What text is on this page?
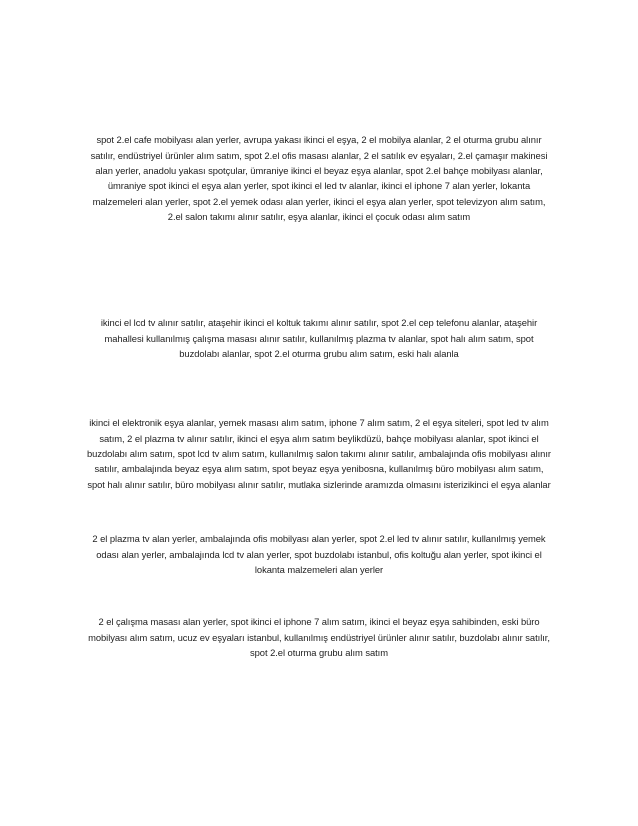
spot 2.el cafe mobilyası alan yerler, avrupa yakası ikinci el eşya, 2 el mobilya alanlar, 2 el oturma grubu alınır satılır, endüstriyel ürünler alım satım, spot 2.el ofis masası alanlar, 2 el satılık ev eşyaları, 2.el çamaşır makinesi alan yerler, anadolu yakası spotçular, ümraniye ikinci el beyaz eşya alanlar, spot 2.el bahçe mobilyası alanlar, ümraniye spot ikinci el eşya alan yerler, spot ikinci el led tv alanlar, ikinci el iphone 7 alan yerler, lokanta malzemeleri alan yerler, spot 2.el yemek odası alan yerler, ikinci el eşya alan yerler, spot televizyon alım satım, 2.el salon takımı alınır satılır, eşya alanlar, ikinci el çocuk odası alım satım

ikinci el lcd tv alınır satılır, ataşehir ikinci el koltuk takımı alınır satılır, spot 2.el cep telefonu alanlar, ataşehir mahallesi kullanılmış çalışma masası alınır satılır, kullanılmış plazma tv alanlar, spot halı alım satım, spot buzdolabı alanlar, spot 2.el oturma grubu alım satım, eski halı alanla

ikinci el elektronik eşya alanlar, yemek masası alım satım, iphone 7 alım satım, 2 el eşya siteleri, spot led tv alım satım, 2 el plazma tv alınır satılır, ikinci el eşya alım satım beylikdüzü, bahçe mobilyası alanlar, spot ikinci el buzdolabı alım satım, spot lcd tv alım satım, kullanılmış salon takımı alınır satılır, ambalajında ofis mobilyası alınır satılır, ambalajında beyaz eşya alım satım, spot beyaz eşya yenibosna, kullanılmış büro mobilyası alım satım, spot halı alınır satılır, büro mobilyası alınır satılır, mutlaka sizlerinde aramızda olmasını isterizikinci el eşya alanlar

2 el plazma tv alan yerler, ambalajında ofis mobilyası alan yerler, spot 2.el led tv alınır satılır, kullanılmış yemek odası alan yerler, ambalajında lcd tv alan yerler, spot buzdolabı istanbul, ofis koltuğu alan yerler, spot ikinci el lokanta malzemeleri alan yerler

2 el çalışma masası alan yerler, spot ikinci el iphone 7 alım satım, ikinci el beyaz eşya sahibinden, eski büro mobilyası alım satım, ucuz ev eşyaları istanbul, kullanılmış endüstriyel ürünler alınır satılır, buzdolabı alınır satılır, spot 2.el oturma grubu alım satım
